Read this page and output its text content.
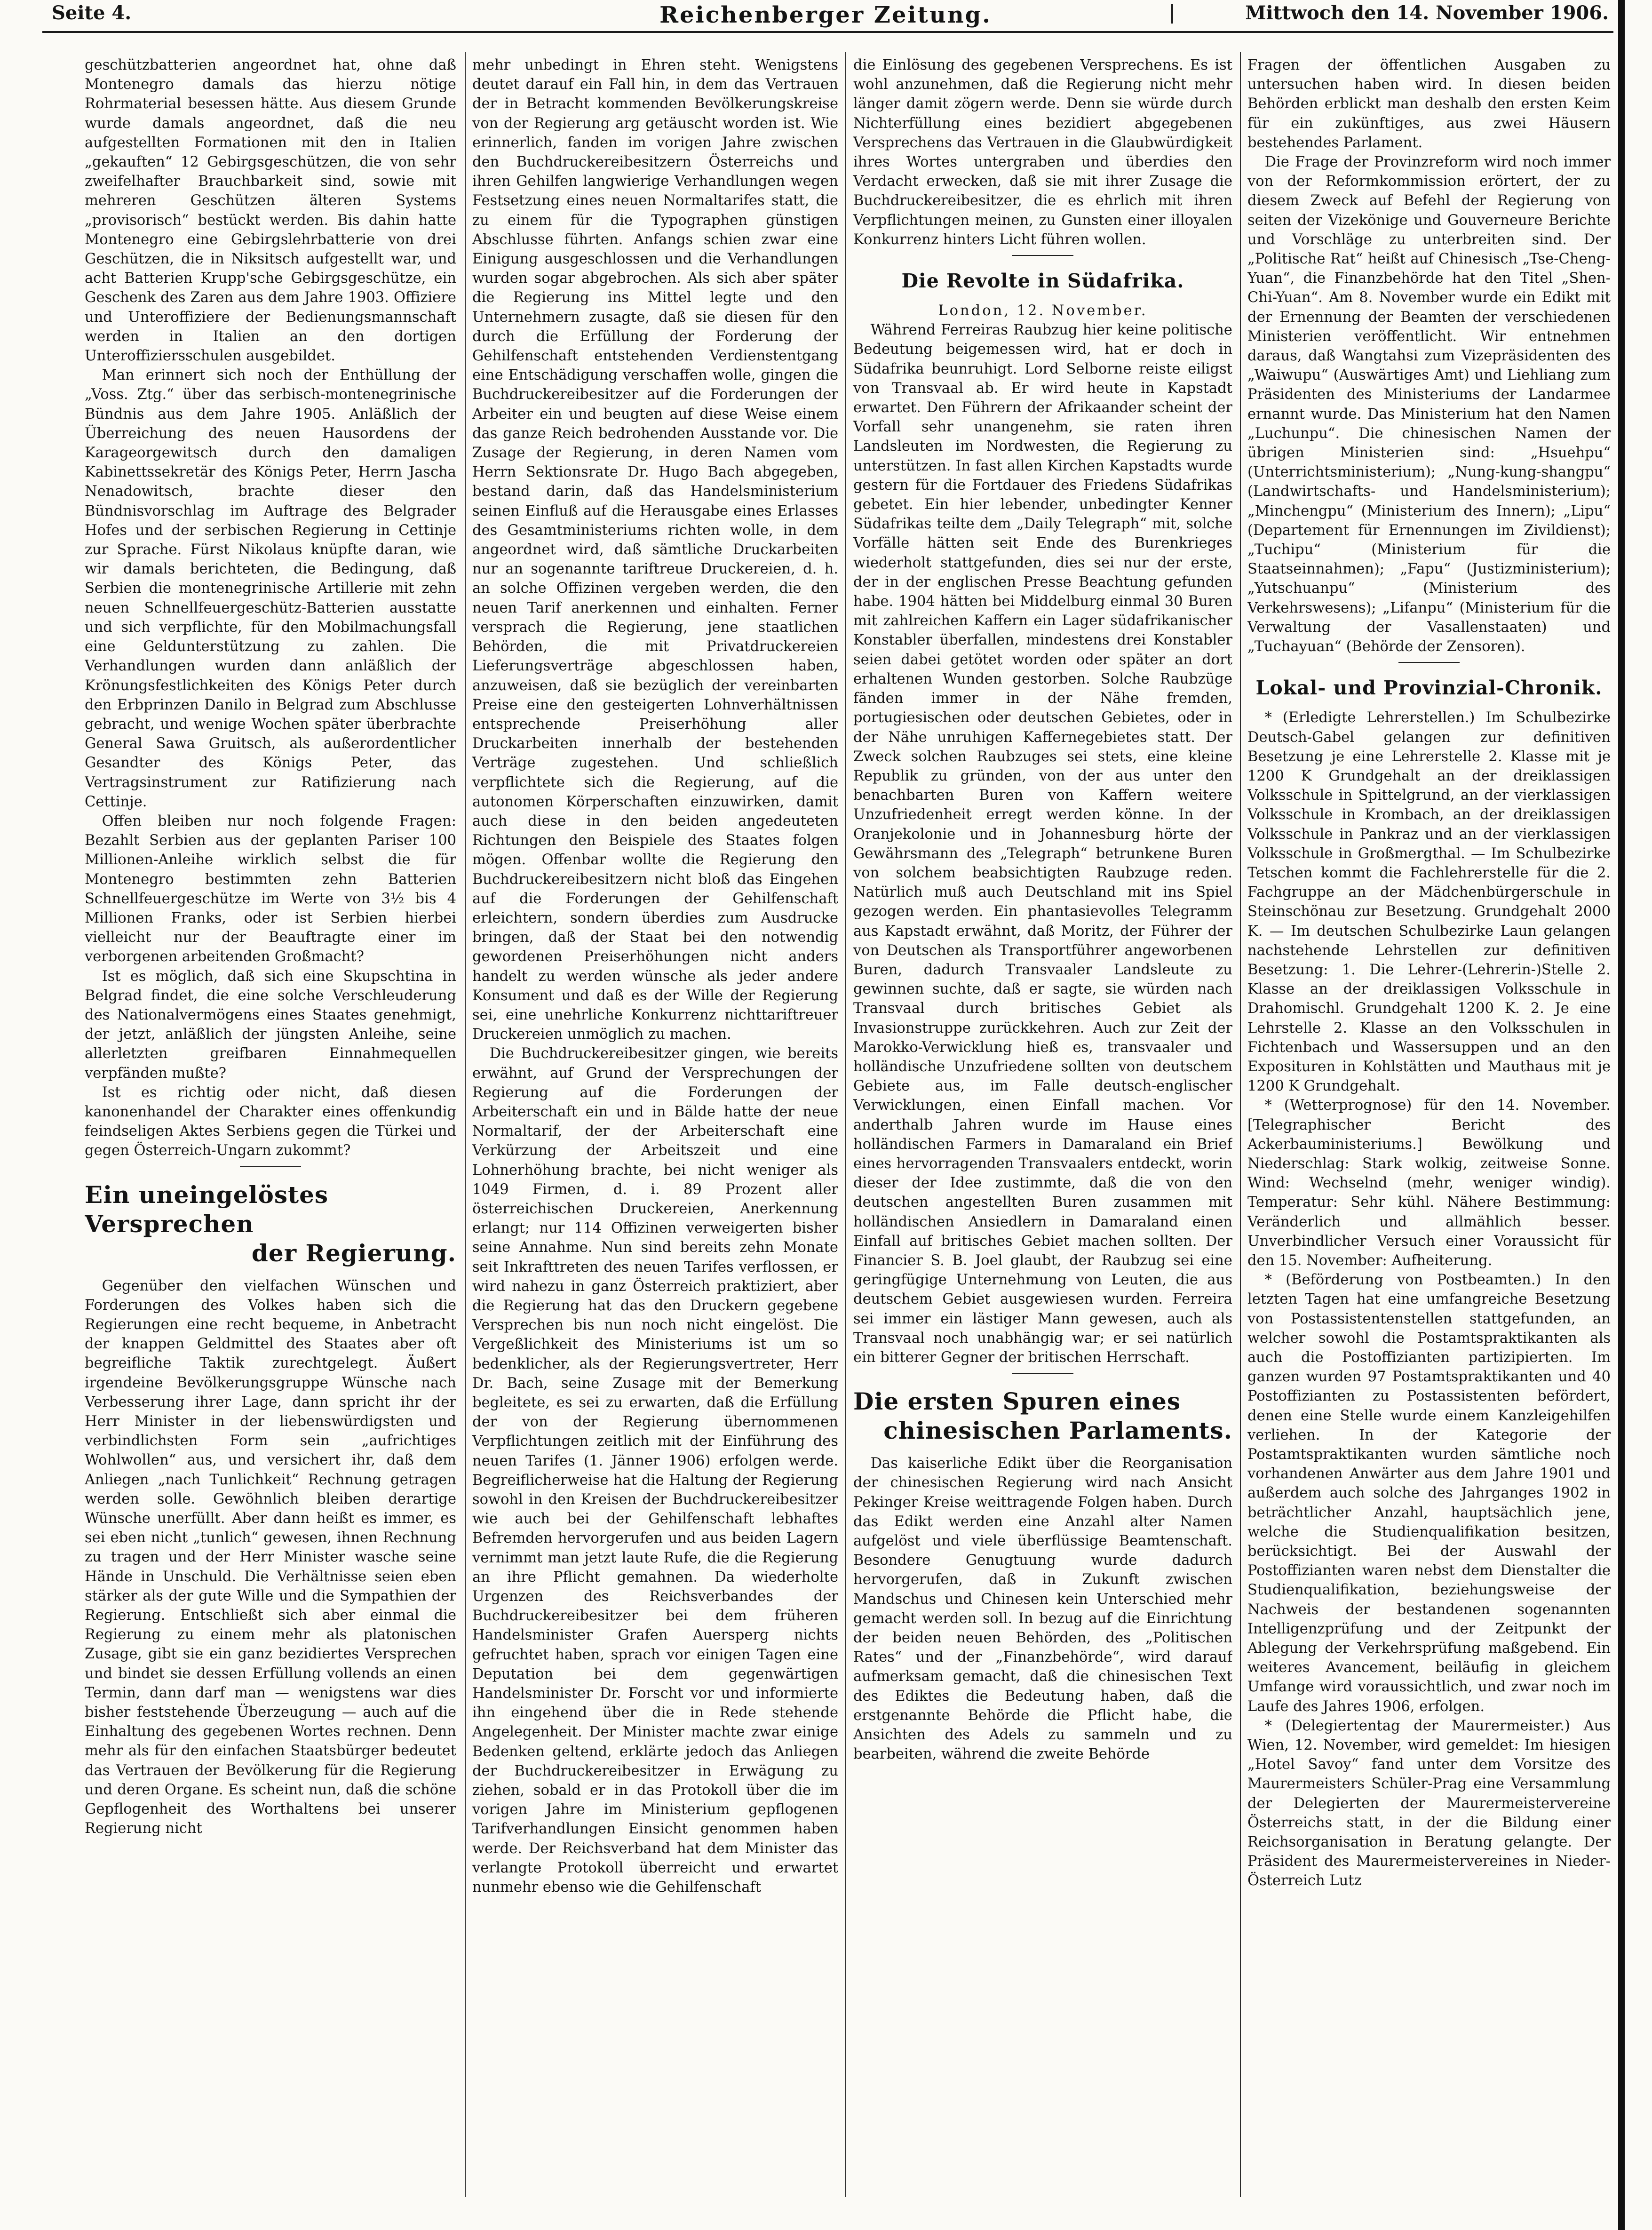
Seite 4.	Reichenberger Zeitung.	Mittwoch den 14. November 1906.

geschützbatterien angeordnet hat, ohne daß Montenegro damals das hierzu nötige Rohrmaterial besessen hätte. Aus diesem Grunde wurde damals angeordnet, daß die neu aufgestellten Formationen mit den in Italien „gekauften“ 12 Gebirgsgeschützen, die von sehr zweifelhafter Brauchbarkeit sind, sowie mit mehreren Geschützen älteren Systems „provisorisch“ bestückt werden. Bis dahin hatte Montenegro eine Gebirgslehrbatterie von drei Geschützen, die in Niksitsch aufgestellt war, und acht Batterien Krupp'sche Gebirgsgeschütze, ein Geschenk des Zaren aus dem Jahre 1903. Offiziere und Unteroffiziere der Bedienungsmannschaft werden in Italien an den dortigen Unteroffiziersschulen ausgebildet.

Man erinnert sich noch der Enthüllung der „Voss. Ztg.“ über das serbisch-montenegrinische Bündnis aus dem Jahre 1905. Anläßlich der Überreichung des neuen Hausordens der Karageorgewitsch durch den damaligen Kabinettssekretär des Königs Peter, Herrn Jascha Nenadowitsch, brachte dieser den Bündnisvorschlag im Auftrage des Belgrader Hofes und der serbischen Regierung in Cettinje zur Sprache. Fürst Nikolaus knüpfte daran, wie wir damals berichteten, die Bedingung, daß Serbien die montenegrinische Artillerie mit zehn neuen Schnellfeuergeschütz-Batterien ausstatte und sich verpflichte, für den Mobilmachungsfall eine Geldunterstützung zu zahlen. Die Verhandlungen wurden dann anläßlich der Krönungsfestlichkeiten des Königs Peter durch den Erbprinzen Danilo in Belgrad zum Abschlusse gebracht, und wenige Wochen später überbrachte General Sawa Gruitsch, als außerordentlicher Gesandter des Königs Peter, das Vertragsinstrument zur Ratifizierung nach Cettinje.

Offen bleiben nur noch folgende Fragen: Bezahlt Serbien aus der geplanten Pariser 100 Millionen-Anleihe wirklich selbst die für Montenegro bestimmten zehn Batterien Schnellfeuergeschütze im Werte von 3½ bis 4 Millionen Franks, oder ist Serbien hierbei vielleicht nur der Beauftragte einer im verborgenen arbeitenden Großmacht?

Ist es möglich, daß sich eine Skupschtina in Belgrad findet, die eine solche Verschleuderung des Nationalvermögens eines Staates genehmigt, der jetzt, anläßlich der jüngsten Anleihe, seine allerletzten greifbaren Einnahmequellen verpfänden mußte?

Ist es richtig oder nicht, daß diesen kanonenhandel der Charakter eines offenkundig feindseligen Aktes Serbiens gegen die Türkei und gegen Österreich-Ungarn zukommt?

Ein uneingelöstes Versprechen
der Regierung.

Gegenüber den vielfachen Wünschen und Forderungen des Volkes haben sich die Regierungen eine recht bequeme, in Anbetracht der knappen Geldmittel des Staates aber oft begreifliche Taktik zurechtgelegt. Äußert irgendeine Bevölkerungsgruppe Wünsche nach Verbesserung ihrer Lage, dann spricht ihr der Herr Minister in der liebenswürdigsten und verbindlichsten Form sein „aufrichtiges Wohlwollen“ aus, und versichert ihr, daß dem Anliegen „nach Tunlichkeit“ Rechnung getragen werden solle. Gewöhnlich bleiben derartige Wünsche unerfüllt. Aber dann heißt es immer, es sei eben nicht „tunlich“ gewesen, ihnen Rechnung zu tragen und der Herr Minister wasche seine Hände in Unschuld. Die Verhältnisse seien eben stärker als der gute Wille und die Sympathien der Regierung. Entschließt sich aber einmal die Regierung zu einem mehr als platonischen Zusage, gibt sie ein ganz bezidiertes Versprechen und bindet sie dessen Erfüllung vollends an einen Termin, dann darf man — wenigstens war dies bisher feststehende Überzeugung — auch auf die Einhaltung des gegebenen Wortes rechnen. Denn mehr als für den einfachen Staatsbürger bedeutet das Vertrauen der Bevölkerung für die Regierung und deren Organe. Es scheint nun, daß die schöne Gepflogenheit des Worthaltens bei unserer Regierung nicht

mehr unbedingt in Ehren steht. Wenigstens deutet darauf ein Fall hin, in dem das Vertrauen der in Betracht kommenden Bevölkerungskreise von der Regierung arg getäuscht worden ist. Wie erinnerlich, fanden im vorigen Jahre zwischen den Buchdruckereibesitzern Österreichs und ihren Gehilfen langwierige Verhandlungen wegen Festsetzung eines neuen Normaltarifes statt, die zu einem für die Typographen günstigen Abschlusse führten. Anfangs schien zwar eine Einigung ausgeschlossen und die Verhandlungen wurden sogar abgebrochen. Als sich aber später die Regierung ins Mittel legte und den Unternehmern zusagte, daß sie diesen für den durch die Erfüllung der Forderung der Gehilfenschaft entstehenden Verdienstentgang eine Entschädigung verschaffen wolle, gingen die Buchdruckereibesitzer auf die Forderungen der Arbeiter ein und beugten auf diese Weise einem das ganze Reich bedrohenden Ausstande vor. Die Zusage der Regierung, in deren Namen vom Herrn Sektionsrate Dr. Hugo Bach abgegeben, bestand darin, daß das Handelsministerium seinen Einfluß auf die Herausgabe eines Erlasses des Gesamtministeriums richten wolle, in dem angeordnet wird, daß sämtliche Druckarbeiten nur an sogenannte tariftreue Druckereien, d. h. an solche Offizinen vergeben werden, die den neuen Tarif anerkennen und einhalten. Ferner versprach die Regierung, jene staatlichen Behörden, die mit Privatdruckereien Lieferungsverträge abgeschlossen haben, anzuweisen, daß sie bezüglich der vereinbarten Preise eine den gesteigerten Lohnverhältnissen entsprechende Preiserhöhung aller Druckarbeiten innerhalb der bestehenden Verträge zugestehen. Und schließlich verpflichtete sich die Regierung, auf die autonomen Körperschaften einzuwirken, damit auch diese in den beiden angedeuteten Richtungen den Beispiele des Staates folgen mögen. Offenbar wollte die Regierung den Buchdruckereibesitzern nicht bloß das Eingehen auf die Forderungen der Gehilfenschaft erleichtern, sondern überdies zum Ausdrucke bringen, daß der Staat bei den notwendig gewordenen Preiserhöhungen nicht anders handelt zu werden wünsche als jeder andere Konsument und daß es der Wille der Regierung sei, eine unehrliche Konkurrenz nichttariftreuer Druckereien unmöglich zu machen.

Die Buchdruckereibesitzer gingen, wie bereits erwähnt, auf Grund der Versprechungen der Regierung auf die Forderungen der Arbeiterschaft ein und in Bälde hatte der neue Normaltarif, der der Arbeiterschaft eine Verkürzung der Arbeitszeit und eine Lohnerhöhung brachte, bei nicht weniger als 1049 Firmen, d. i. 89 Prozent aller österreichischen Druckereien, Anerkennung erlangt; nur 114 Offizinen verweigerten bisher seine Annahme. Nun sind bereits zehn Monate seit Inkrafttreten des neuen Tarifes verflossen, er wird nahezu in ganz Österreich praktiziert, aber die Regierung hat das den Druckern gegebene Versprechen bis nun noch nicht eingelöst. Die Vergeßlichkeit des Ministeriums ist um so bedenklicher, als der Regierungsvertreter, Herr Dr. Bach, seine Zusage mit der Bemerkung begleitete, es sei zu erwarten, daß die Erfüllung der von der Regierung übernommenen Verpflichtungen zeitlich mit der Einführung des neuen Tarifes (1. Jänner 1906) erfolgen werde. Begreiflicherweise hat die Haltung der Regierung sowohl in den Kreisen der Buchdruckereibesitzer wie auch bei der Gehilfenschaft lebhaftes Befremden hervorgerufen und aus beiden Lagern vernimmt man jetzt laute Rufe, die die Regierung an ihre Pflicht gemahnen. Da wiederholte Urgenzen des Reichsverbandes der Buchdruckereibesitzer bei dem früheren Handelsminister Grafen Auersperg nichts gefruchtet haben, sprach vor einigen Tagen eine Deputation bei dem gegenwärtigen Handelsminister Dr. Forscht vor und informierte ihn eingehend über die in Rede stehende Angelegenheit. Der Minister machte zwar einige Bedenken geltend, erklärte jedoch das Anliegen der Buchdruckereibesitzer in Erwägung zu ziehen, sobald er in das Protokoll über die im vorigen Jahre im Ministerium gepflogenen Tarifverhandlungen Einsicht genommen haben werde. Der Reichsverband hat dem Minister das verlangte Protokoll überreicht und erwartet nunmehr ebenso wie die Gehilfenschaft

die Einlösung des gegebenen Versprechens. Es ist wohl anzunehmen, daß die Regierung nicht mehr länger damit zögern werde. Denn sie würde durch Nichterfüllung eines bezidiert abgegebenen Versprechens das Vertrauen in die Glaubwürdigkeit ihres Wortes untergraben und überdies den Verdacht erwecken, daß sie mit ihrer Zusage die Buchdruckereibesitzer, die es ehrlich mit ihren Verpflichtungen meinen, zu Gunsten einer illoyalen Konkurrenz hinters Licht führen wollen.

Die Revolte in Südafrika.

London, 12. November.

Während Ferreiras Raubzug hier keine politische Bedeutung beigemessen wird, hat er doch in Südafrika beunruhigt. Lord Selborne reiste eiligst von Transvaal ab. Er wird heute in Kapstadt erwartet. Den Führern der Afrikaander scheint der Vorfall sehr unangenehm, sie raten ihren Landsleuten im Nordwesten, die Regierung zu unterstützen. In fast allen Kirchen Kapstadts wurde gestern für die Fortdauer des Friedens Südafrikas gebetet. Ein hier lebender, unbedingter Kenner Südafrikas teilte dem „Daily Telegraph“ mit, solche Vorfälle hätten seit Ende des Burenkrieges wiederholt stattgefunden, dies sei nur der erste, der in der englischen Presse Beachtung gefunden habe. 1904 hätten bei Middelburg einmal 30 Buren mit zahlreichen Kaffern ein Lager südafrikanischer Konstabler überfallen, mindestens drei Konstabler seien dabei getötet worden oder später an dort erhaltenen Wunden gestorben. Solche Raubzüge fänden immer in der Nähe fremden, portugiesischen oder deutschen Gebietes, oder in der Nähe unruhigen Kaffernegebietes statt. Der Zweck solchen Raubzuges sei stets, eine kleine Republik zu gründen, von der aus unter den benachbarten Buren von Kaffern weitere Unzufriedenheit erregt werden könne. In der Oranjekolonie und in Johannesburg hörte der Gewährsmann des „Telegraph“ betrunkene Buren von solchem beabsichtigten Raubzuge reden. Natürlich muß auch Deutschland mit ins Spiel gezogen werden. Ein phantasievolles Telegramm aus Kapstadt erwähnt, daß Moritz, der Führer der von Deutschen als Transportführer angeworbenen Buren, dadurch Transvaaler Landsleute zu gewinnen suchte, daß er sagte, sie würden nach Transvaal durch britisches Gebiet als Invasionstruppe zurückkehren. Auch zur Zeit der Marokko-Verwicklung hieß es, transvaaler und holländische Unzufriedene sollten von deutschem Gebiete aus, im Falle deutsch-englischer Verwicklungen, einen Einfall machen. Vor anderthalb Jahren wurde im Hause eines holländischen Farmers in Damaraland ein Brief eines hervorragenden Transvaalers entdeckt, worin dieser der Idee zustimmte, daß die von den deutschen angestellten Buren zusammen mit holländischen Ansiedlern in Damaraland einen Einfall auf britisches Gebiet machen sollten. Der Financier S. B. Joel glaubt, der Raubzug sei eine geringfügige Unternehmung von Leuten, die aus deutschem Gebiet ausgewiesen wurden. Ferreira sei immer ein lästiger Mann gewesen, auch als Transvaal noch unabhängig war; er sei natürlich ein bitterer Gegner der britischen Herrschaft.

Die ersten Spuren eines
chinesischen Parlaments.

Das kaiserliche Edikt über die Reorganisation der chinesischen Regierung wird nach Ansicht Pekinger Kreise weittragende Folgen haben. Durch das Edikt werden eine Anzahl alter Namen aufgelöst und viele überflüssige Beamtenschaft. Besondere Genugtuung wurde dadurch hervorgerufen, daß in Zukunft zwischen Mandschus und Chinesen kein Unterschied mehr gemacht werden soll. In bezug auf die Einrichtung der beiden neuen Behörden, des „Politischen Rates“ und der „Finanzbehörde“, wird darauf aufmerksam gemacht, daß die chinesischen Text des Ediktes die Bedeutung haben, daß die erstgenannte Behörde die Pflicht habe, die Ansichten des Adels zu sammeln und zu bearbeiten, während die zweite Behörde

Fragen der öffentlichen Ausgaben zu untersuchen haben wird. In diesen beiden Behörden erblickt man deshalb den ersten Keim für ein zukünftiges, aus zwei Häusern bestehendes Parlament.

Die Frage der Provinzreform wird noch immer von der Reformkommission erörtert, der zu diesem Zweck auf Befehl der Regierung von seiten der Vizekönige und Gouverneure Berichte und Vorschläge zu unterbreiten sind. Der „Politische Rat“ heißt auf Chinesisch „Tse-Cheng-Yuan“, die Finanzbehörde hat den Titel „Shen-Chi-Yuan“. Am 8. November wurde ein Edikt mit der Ernennung der Beamten der verschiedenen Ministerien veröffentlicht. Wir entnehmen daraus, daß Wangtahsi zum Vizepräsidenten des „Waiwupu“ (Auswärtiges Amt) und Liehliang zum Präsidenten des Ministeriums der Landarmee ernannt wurde. Das Ministerium hat den Namen „Luchunpu“. Die chinesischen Namen der übrigen Ministerien sind: „Hsuehpu“ (Unterrichtsministerium); „Nung-kung-shangpu“ (Landwirtschafts- und Handelsministerium); „Minchengpu“ (Ministerium des Innern); „Lipu“ (Departement für Ernennungen im Zivildienst); „Tuchipu“ (Ministerium für die Staatseinnahmen); „Fapu“ (Justizministerium); „Yutschuanpu“ (Ministerium des Verkehrswesens); „Lifanpu“ (Ministerium für die Verwaltung der Vasallenstaaten) und „Tuchayuan“ (Behörde der Zensoren).

Lokal- und Provinzial-Chronik.

* (Erledigte Lehrerstellen.) Im Schulbezirke Deutsch-Gabel gelangen zur definitiven Besetzung je eine Lehrerstelle 2. Klasse mit je 1200 K Grundgehalt an der dreiklassigen Volksschule in Spittelgrund, an der vierklassigen Volksschule in Krombach, an der dreiklassigen Volksschule in Pankraz und an der vierklassigen Volksschule in Großmergthal. — Im Schulbezirke Tetschen kommt die Fachlehrerstelle für die 2. Fachgruppe an der Mädchenbürgerschule in Steinschönau zur Besetzung. Grundgehalt 2000 K. — Im deutschen Schulbezirke Laun gelangen nachstehende Lehrstellen zur definitiven Besetzung: 1. Die Lehrer-(Lehrerin-)Stelle 2. Klasse an der dreiklassigen Volksschule in Drahomischl. Grundgehalt 1200 K. 2. Je eine Lehrstelle 2. Klasse an den Volksschulen in Fichtenbach und Wassersuppen und an den Exposituren in Kohlstätten und Mauthaus mit je 1200 K Grundgehalt.

* (Wetterprognose) für den 14. November. [Telegraphischer Bericht des Ackerbauministeriums.] Bewölkung und Niederschlag: Stark wolkig, zeitweise Sonne. Wind: Wechselnd (mehr, weniger windig). Temperatur: Sehr kühl. Nähere Bestimmung: Veränderlich und allmählich besser. Unverbindlicher Versuch einer Voraussicht für den 15. November: Aufheiterung.

* (Beförderung von Postbeamten.) In den letzten Tagen hat eine umfangreiche Besetzung von Postassistentenstellen stattgefunden, an welcher sowohl die Postamtspraktikanten als auch die Postoffizianten partizipierten. Im ganzen wurden 97 Postamtspraktikanten und 40 Postoffizianten zu Postassistenten befördert, denen eine Stelle wurde einem Kanzleigehilfen verliehen. In der Kategorie der Postamtspraktikanten wurden sämtliche noch vorhandenen Anwärter aus dem Jahre 1901 und außerdem auch solche des Jahrganges 1902 in beträchtlicher Anzahl, hauptsächlich jene, welche die Studienqualifikation besitzen, berücksichtigt. Bei der Auswahl der Postoffizianten waren nebst dem Dienstalter die Studienqualifikation, beziehungsweise der Nachweis der bestandenen sogenannten Intelligenzprüfung und der Zeitpunkt der Ablegung der Verkehrsprüfung maßgebend. Ein weiteres Avancement, beiläufig in gleichem Umfange wird voraussichtlich, und zwar noch im Laufe des Jahres 1906, erfolgen.

* (Delegiertentag der Maurermeister.) Aus Wien, 12. November, wird gemeldet: Im hiesigen „Hotel Savoy“ fand unter dem Vorsitze des Maurermeisters Schüler-Prag eine Versammlung der Delegierten der Maurermeistervereine Österreichs statt, in der die Bildung einer Reichsorganisation in Beratung gelangte. Der Präsident des Maurermeistervereines in Nieder-Österreich Lutz
